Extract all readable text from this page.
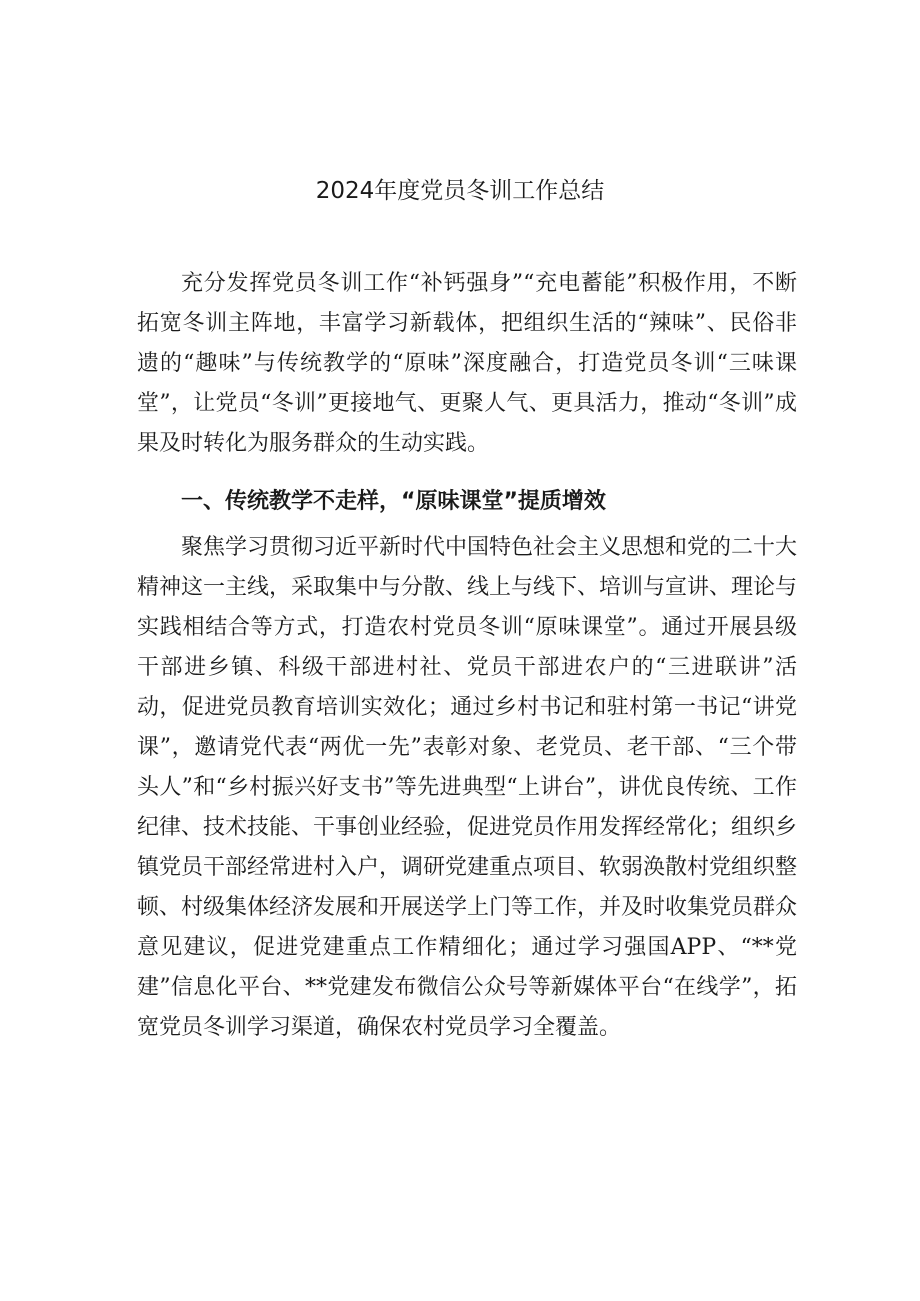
2024年度党员冬训工作总结

充分发挥党员冬训工作“补钙强身”“充电蓄能”积极作用，不断拓宽冬训主阵地，丰富学习新载体，把组织生活的“辣味”、民俗非遗的“趣味”与传统教学的“原味”深度融合，打造党员冬训“三味课堂”，让党员“冬训”更接地气、更聚人气、更具活力，推动“冬训”成果及时转化为服务群众的生动实践。

一、传统教学不走样，“原味课堂”提质增效

聚焦学习贯彻习近平新时代中国特色社会主义思想和党的二十大精神这一主线，采取集中与分散、线上与线下、培训与宣讲、理论与实践相结合等方式，打造农村党员冬训“原味课堂”。通过开展县级干部进乡镇、科级干部进村社、党员干部进农户的“三进联讲”活动，促进党员教育培训实效化；通过乡村书记和驻村第一书记“讲党课”，邀请党代表“两优一先”表彰对象、老党员、老干部、“三个带头人”和“乡村振兴好支书”等先进典型“上讲台”，讲优良传统、工作纪律、技术技能、干事创业经验，促进党员作用发挥经常化；组织乡镇党员干部经常进村入户，调研党建重点项目、软弱涣散村党组织整顿、村级集体经济发展和开展送学上门等工作，并及时收集党员群众意见建议，促进党建重点工作精细化；通过学习强国APP、“**党建”信息化平台、**党建发布微信公众号等新媒体平台“在线学”，拓宽党员冬训学习渠道，确保农村党员学习全覆盖。
